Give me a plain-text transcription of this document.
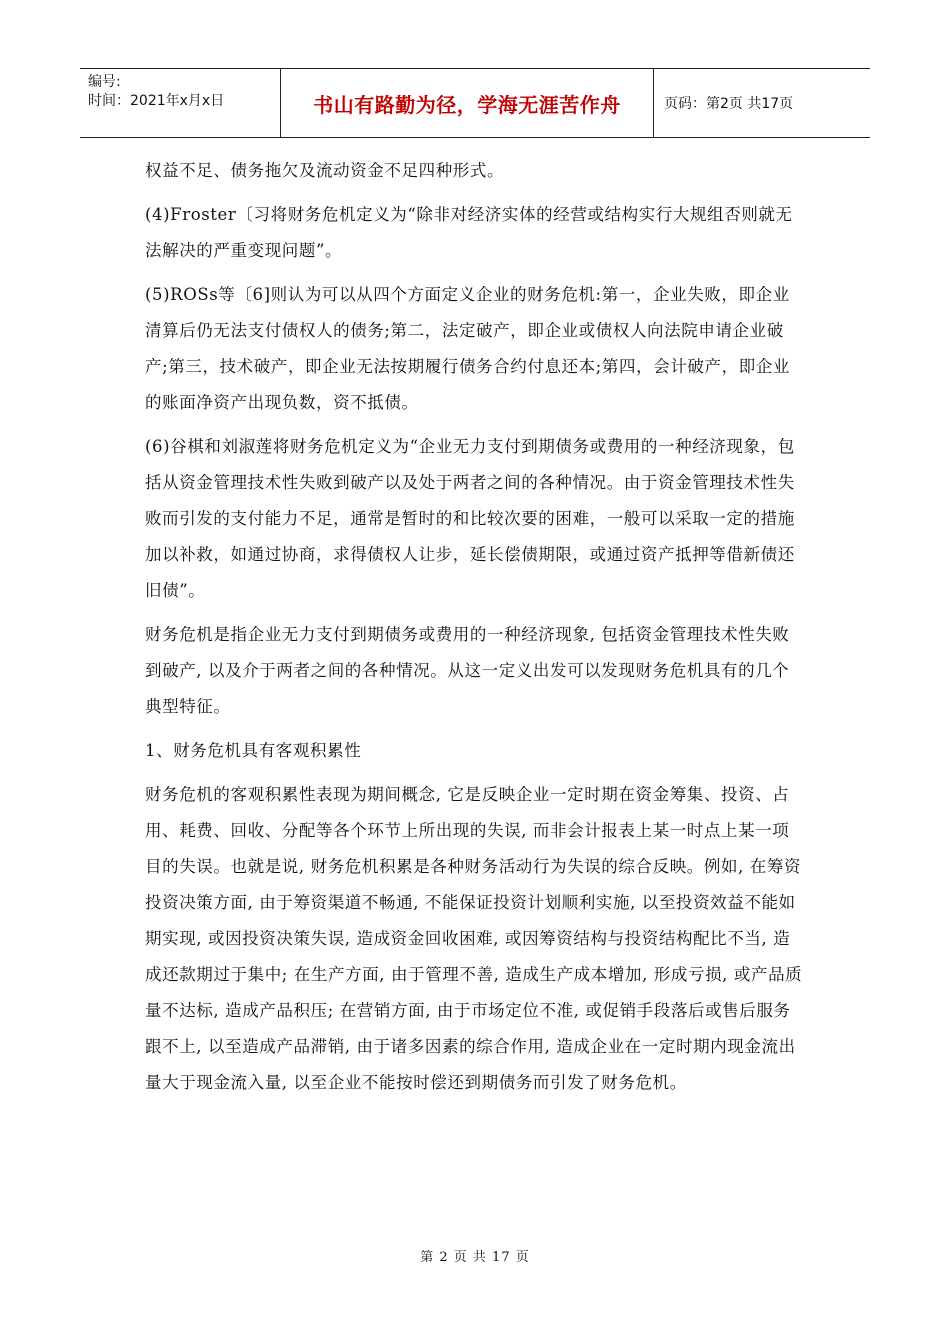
编号:
时间：2021年x月x日	书山有路勤为径，学海无涯苦作舟	页码：第2页 共17页

权益不足、债务拖欠及流动资金不足四种形式。

(4)Froster〔习将财务危机定义为“除非对经济实体的经营或结构实行大规组否则就无法解决的严重变现问题”。

(5)ROSs等〔6]则认为可以从四个方面定义企业的财务危机:第一，企业失败，即企业清算后仍无法支付债权人的债务;第二，法定破产，即企业或债权人向法院申请企业破产;第三，技术破产，即企业无法按期履行债务合约付息还本;第四，会计破产，即企业的账面净资产出现负数，资不抵债。

(6)谷棋和刘淑莲将财务危机定义为“企业无力支付到期债务或费用的一种经济现象，包括从资金管理技术性失败到破产以及处于两者之间的各种情况。由于资金管理技术性失败而引发的支付能力不足，通常是暂时的和比较次要的困难，一般可以采取一定的措施加以补救，如通过协商，求得债权人让步，延长偿债期限，或通过资产抵押等借新债还旧债”。

财务危机是指企业无力支付到期债务或费用的一种经济现象, 包括资金管理技术性失败到破产, 以及介于两者之间的各种情况。从这一定义出发可以发现财务危机具有的几个典型特征。

1、财务危机具有客观积累性

财务危机的客观积累性表现为期间概念, 它是反映企业一定时期在资金筹集、投资、占用、耗费、回收、分配等各个环节上所出现的失误, 而非会计报表上某一时点上某一项目的失误。也就是说, 财务危机积累是各种财务活动行为失误的综合反映。例如, 在筹资投资决策方面, 由于筹资渠道不畅通, 不能保证投资计划顺利实施, 以至投资效益不能如期实现, 或因投资决策失误, 造成资金回收困难, 或因筹资结构与投资结构配比不当, 造成还款期过于集中; 在生产方面, 由于管理不善, 造成生产成本增加, 形成亏损, 或产品质量不达标, 造成产品积压; 在营销方面, 由于市场定位不准, 或促销手段落后或售后服务跟不上, 以至造成产品滞销, 由于诸多因素的综合作用, 造成企业在一定时期内现金流出量大于现金流入量, 以至企业不能按时偿还到期债务而引发了财务危机。

第 2 页 共 17 页
